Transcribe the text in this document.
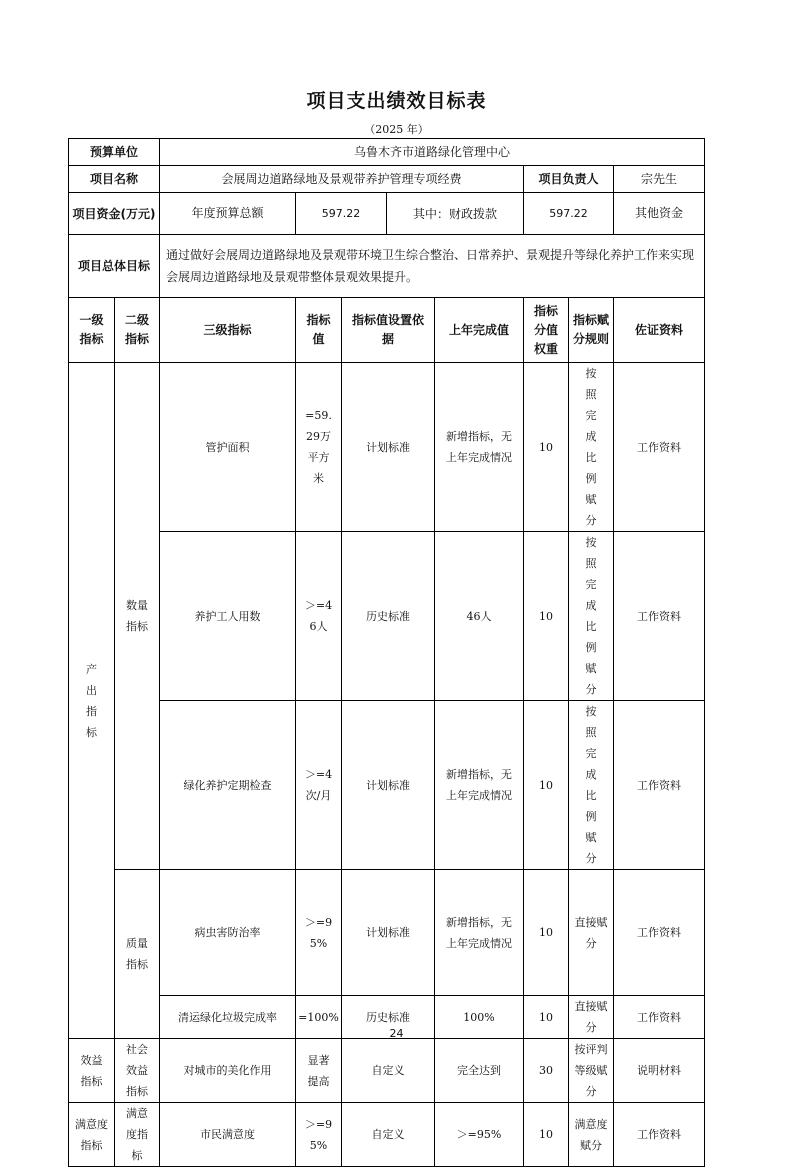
项目支出绩效目标表
（2025 年）
预算单位		乌鲁木齐市道路绿化管理中心							
项目名称		会展周边道路绿地及景观带养护管理专项经费					项目负责人		宗先生
项目资金(万元)		年度预算总额	597.22		其中：财政拨款		597.22		其他资金
项目总体目标		通过做好会展周边道路绿地及景观带环境卫生综合整治、日常养护、景观提升等绿化养护工作来实现会展周边道路绿地及景观带整体景观效果提升。							
一级指标	二级指标	三级指标	指标值	指标值设置依据		上年完成值	指标分值权重	指标赋分规则	佐证资料
产出指标	数量指标	管护面积	=59.29万平方米	计划标准		新增指标，无上年完成情况	10	按照完成比例赋分	工作资料
		养护工人用数	＞=46人	历史标准		46人	10	按照完成比例赋分	工作资料
		绿化养护定期检查	＞=4次/月	计划标准		新增指标，无上年完成情况	10	按照完成比例赋分	工作资料
	质量指标	病虫害防治率	＞=95%	计划标准		新增指标，无上年完成情况	10	直接赋分	工作资料
		清运绿化垃圾完成率	=100%	历史标准		100%	10	直接赋分	工作资料
效益指标	社会效益指标	对城市的美化作用	显著提高	自定义		完全达到	30	按评判等级赋分	说明材料
满意度指标	满意度指标	市民满意度	＞=95%	自定义		＞=95%	10	满意度赋分	工作资料
24
